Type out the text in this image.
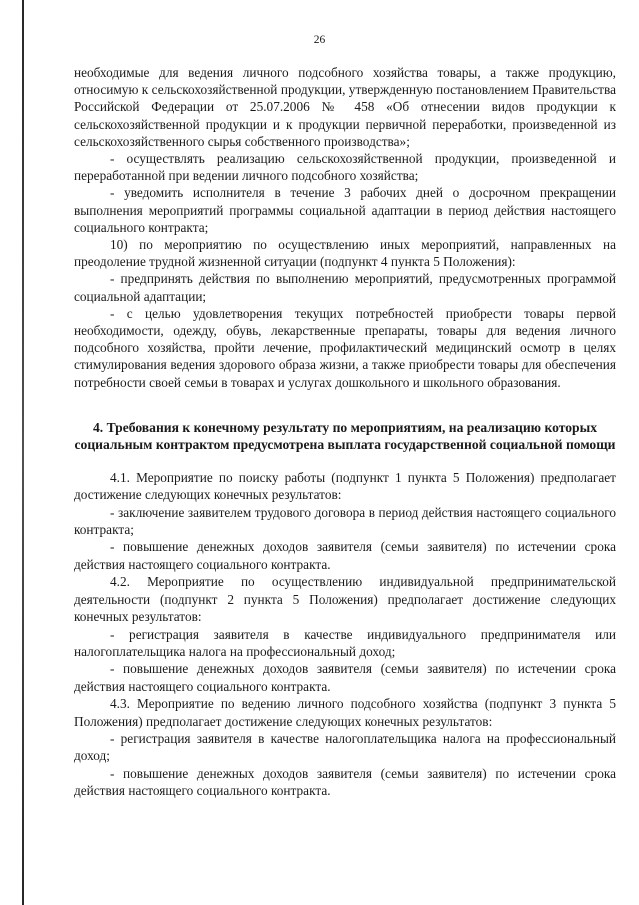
26

необходимые для ведения личного подсобного хозяйства товары, а также продукцию, относимую к сельскохозяйственной продукции, утвержденную постановлением Правительства Российской Федерации от 25.07.2006 № 458 «Об отнесении видов продукции к сельскохозяйственной продукции и к продукции первичной переработки, произведенной из сельскохозяйственного сырья собственного производства»;

- осуществлять реализацию сельскохозяйственной продукции, произведенной и переработанной при ведении личного подсобного хозяйства;

- уведомить исполнителя в течение 3 рабочих дней о досрочном прекращении выполнения мероприятий программы социальной адаптации в период действия настоящего социального контракта;

10) по мероприятию по осуществлению иных мероприятий, направленных на преодоление трудной жизненной ситуации (подпункт 4 пункта 5 Положения):

- предпринять действия по выполнению мероприятий, предусмотренных программой социальной адаптации;

- с целью удовлетворения текущих потребностей приобрести товары первой необходимости, одежду, обувь, лекарственные препараты, товары для ведения личного подсобного хозяйства, пройти лечение, профилактический медицинский осмотр в целях стимулирования ведения здорового образа жизни, а также приобрести товары для обеспечения потребности своей семьи в товарах и услугах дошкольного и школьного образования.

4. Требования к конечному результату по мероприятиям, на реализацию которых социальным контрактом предусмотрена выплата государственной социальной помощи

4.1. Мероприятие по поиску работы (подпункт 1 пункта 5 Положения) предполагает достижение следующих конечных результатов:

- заключение заявителем трудового договора в период действия настоящего социального контракта;

- повышение денежных доходов заявителя (семьи заявителя) по истечении срока действия настоящего социального контракта.

4.2. Мероприятие по осуществлению индивидуальной предпринимательской деятельности (подпункт 2 пункта 5 Положения) предполагает достижение следующих конечных результатов:

- регистрация заявителя в качестве индивидуального предпринимателя или налогоплательщика налога на профессиональный доход;

- повышение денежных доходов заявителя (семьи заявителя) по истечении срока действия настоящего социального контракта.

4.3. Мероприятие по ведению личного подсобного хозяйства (подпункт 3 пункта 5 Положения) предполагает достижение следующих конечных результатов:

- регистрация заявителя в качестве налогоплательщика налога на профессиональный доход;

- повышение денежных доходов заявителя (семьи заявителя) по истечении срока действия настоящего социального контракта.
